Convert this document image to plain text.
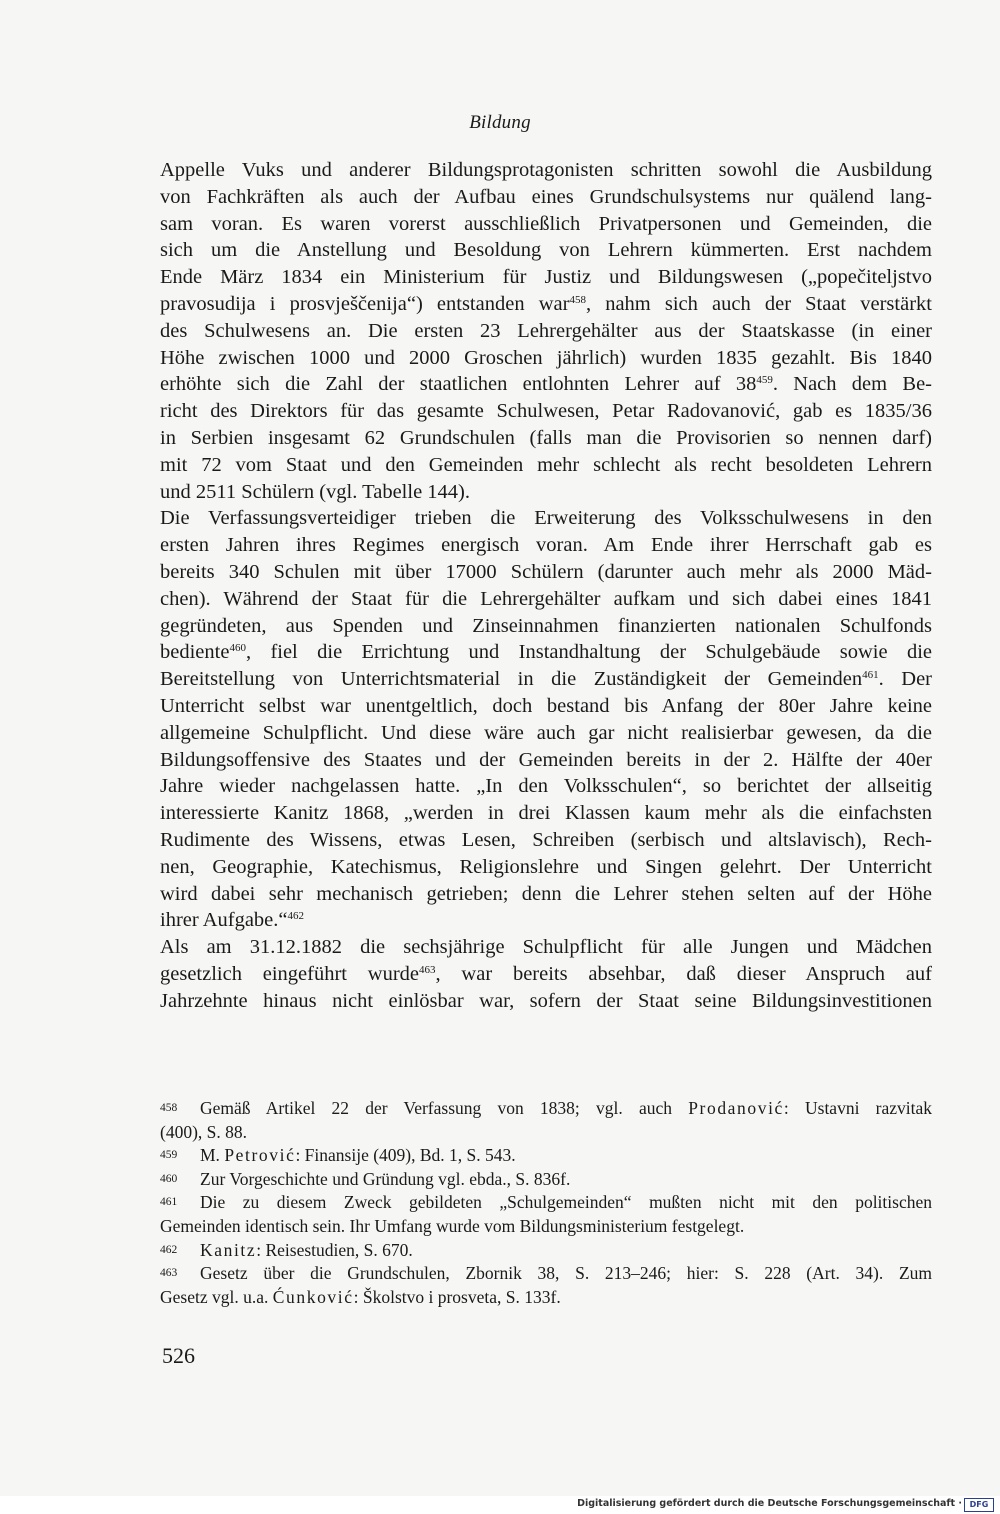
Bildung
Appelle Vuks und anderer Bildungsprotagonisten schritten sowohl die Ausbildung
von Fachkräften als auch der Aufbau eines Grundschulsystems nur quälend lang-
sam voran. Es waren vorerst ausschließlich Privatpersonen und Gemeinden, die
sich um die Anstellung und Besoldung von Lehrern kümmerten. Erst nachdem
Ende März 1834 ein Ministerium für Justiz und Bildungswesen („popečiteljstvo
pravosudija i prosvješčenija“) entstanden war$^{458}$, nahm sich auch der Staat verstärkt
des Schulwesens an. Die ersten 23 Lehrergehälter aus der Staatskasse (in einer
Höhe zwischen 1000 und 2000 Groschen jährlich) wurden 1835 gezahlt. Bis 1840
erhöhte sich die Zahl der staatlichen entlohnten Lehrer auf $38^{459}$. Nach dem Be-
richt des Direktors für das gesamte Schulwesen, Petar Radovanović, gab es 1835/36
in Serbien insgesamt 62 Grundschulen (falls man die Provisorien so nennen darf)
mit 72 vom Staat und den Gemeinden mehr schlecht als recht besoldeten Lehrern
und 2511 Schülern (vgl. Tabelle 144).
Die Verfassungsverteidiger trieben die Erweiterung des Volksschulwesens in den
ersten Jahren ihres Regimes energisch voran. Am Ende ihrer Herrschaft gab es
bereits 340 Schulen mit über 17000 Schülern (darunter auch mehr als 2000 Mäd-
chen). Während der Staat für die Lehrergehälter aufkam und sich dabei eines 1841
gegründeten, aus Spenden und Zinseinnahmen finanzierten nationalen Schulfonds
bediente$^{460}$, fiel die Errichtung und Instandhaltung der Schulgebäude sowie die
Bereitstellung von Unterrichtsmaterial in die Zuständigkeit der Gemeinden$^{461}$. Der
Unterricht selbst war unentgeltlich, doch bestand bis Anfang der 80er Jahre keine
allgemeine Schulpflicht. Und diese wäre auch gar nicht realisierbar gewesen, da die
Bildungsoffensive des Staates und der Gemeinden bereits in der 2. Hälfte der 40er
Jahre wieder nachgelassen hatte. „In den Volksschulen“, so berichtet der allseitig
interessierte Kanitz 1868, „werden in drei Klassen kaum mehr als die einfachsten
Rudimente des Wissens, etwas Lesen, Schreiben (serbisch und altslavisch), Rech-
nen, Geographie, Katechismus, Religionslehre und Singen gelehrt. Der Unterricht
wird dabei sehr mechanisch getrieben; denn die Lehrer stehen selten auf der Höhe
ihrer Aufgabe.“$^{462}$
Als am 31.12.1882 die sechsjährige Schulpflicht für alle Jungen und Mädchen
gesetzlich eingeführt wurde$^{463}$, war bereits absehbar, daß dieser Anspruch auf
Jahrzehnte hinaus nicht einlösbar war, sofern der Staat seine Bildungsinvestitionen
458 Gemäß Artikel 22 der Verfassung von 1838; vgl. auch Prodanović: Ustavni razvitak
(400), S. 88.
459 M. Petrović: Finansije (409), Bd. 1, S. 543.
460 Zur Vorgeschichte und Gründung vgl. ebda., S. 836f.
461 Die zu diesem Zweck gebildeten „Schulgemeinden“ mußten nicht mit den politischen
Gemeinden identisch sein. Ihr Umfang wurde vom Bildungsministerium festgelegt.
462 Kanitz: Reisestudien, S. 670.
463 Gesetz über die Grundschulen, Zbornik 38, S. 213–246; hier: S. 228 (Art. 34). Zum
Gesetz vgl. u.a. Ćunković: Školstvo i prosveta, S. 133f.
526
Digitalisierung gefördert durch die Deutsche Forschungsgemeinschaft · DFG
